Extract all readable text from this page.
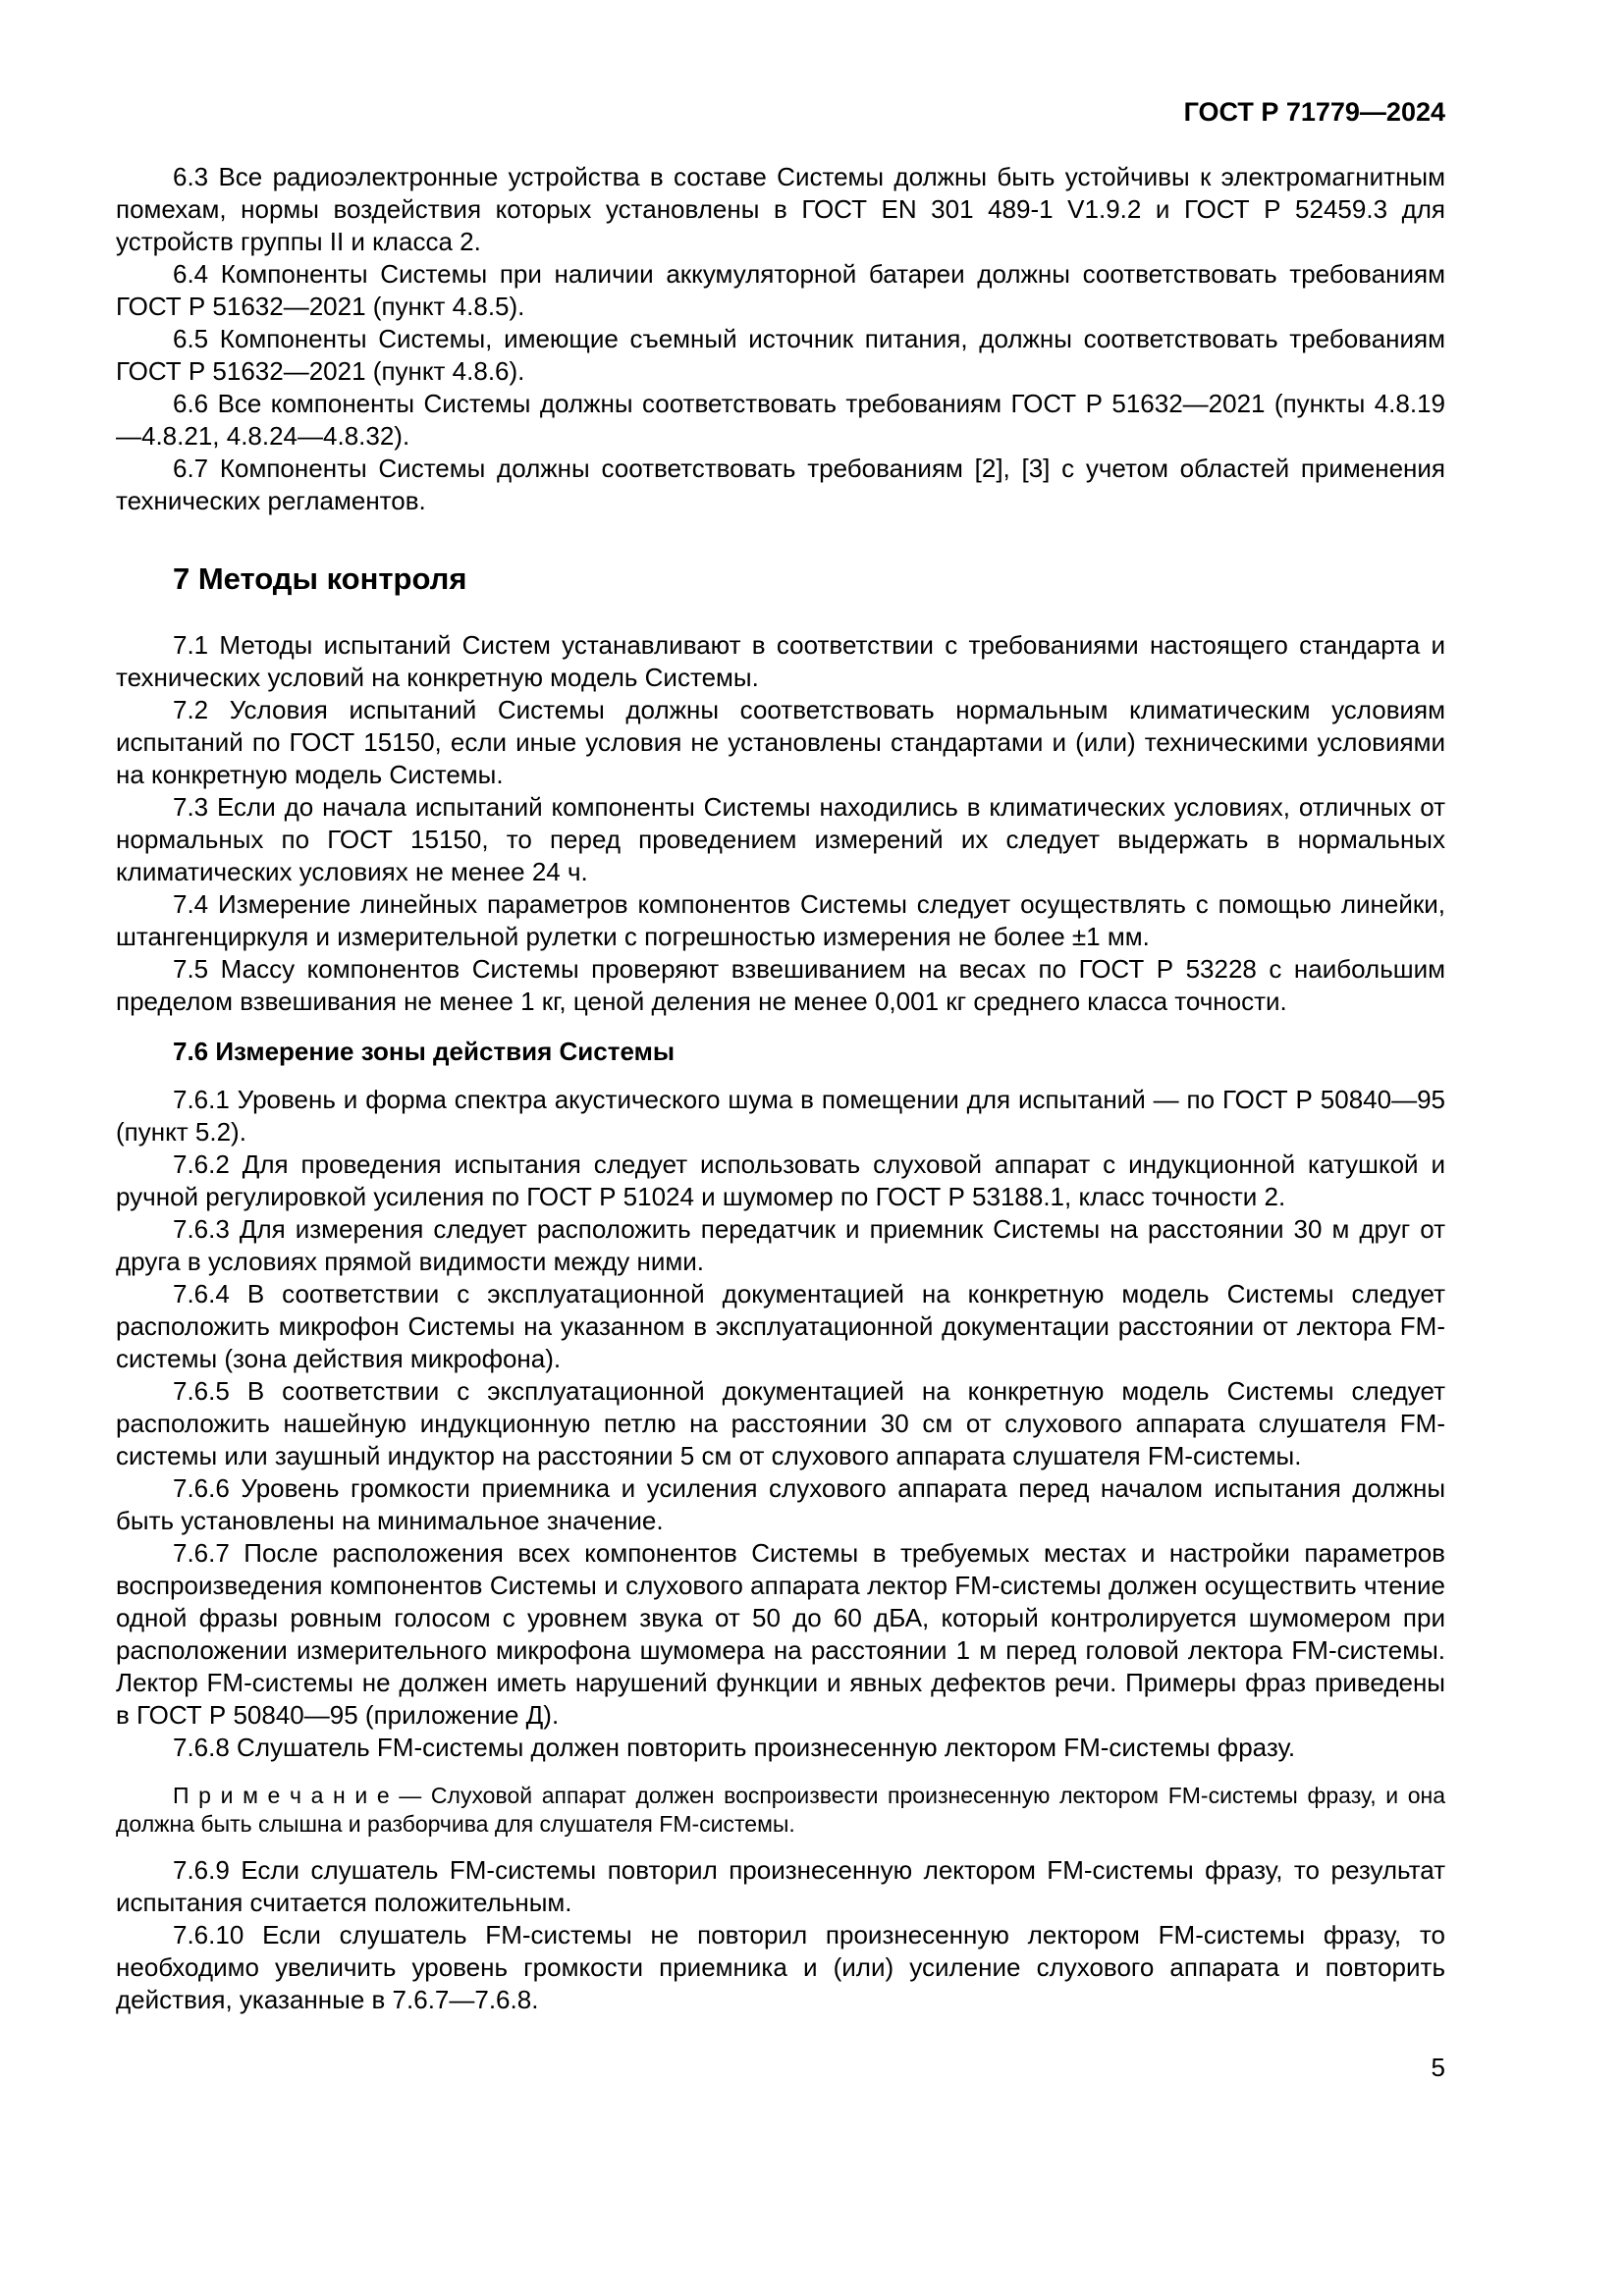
ГОСТ Р 71779—2024

6.3 Все радиоэлектронные устройства в составе Системы должны быть устойчивы к электромагнитным помехам, нормы воздействия которых установлены в ГОСТ EN 301 489-1 V1.9.2 и ГОСТ Р 52459.3 для устройств группы II и класса 2.

6.4 Компоненты Системы при наличии аккумуляторной батареи должны соответствовать требованиям ГОСТ Р 51632—2021 (пункт 4.8.5).

6.5 Компоненты Системы, имеющие съемный источник питания, должны соответствовать требованиям ГОСТ Р 51632—2021 (пункт 4.8.6).

6.6 Все компоненты Системы должны соответствовать требованиям ГОСТ Р 51632—2021 (пункты 4.8.19—4.8.21, 4.8.24—4.8.32).

6.7 Компоненты Системы должны соответствовать требованиям [2], [3] с учетом областей применения технических регламентов.

7 Методы контроля

7.1 Методы испытаний Систем устанавливают в соответствии с требованиями настоящего стандарта и технических условий на конкретную модель Системы.

7.2 Условия испытаний Системы должны соответствовать нормальным климатическим условиям испытаний по ГОСТ 15150, если иные условия не установлены стандартами и (или) техническими условиями на конкретную модель Системы.

7.3 Если до начала испытаний компоненты Системы находились в климатических условиях, отличных от нормальных по ГОСТ 15150, то перед проведением измерений их следует выдержать в нормальных климатических условиях не менее 24 ч.

7.4 Измерение линейных параметров компонентов Системы следует осуществлять с помощью линейки, штангенциркуля и измерительной рулетки с погрешностью измерения не более ±1 мм.

7.5 Массу компонентов Системы проверяют взвешиванием на весах по ГОСТ Р 53228 с наибольшим пределом взвешивания не менее 1 кг, ценой деления не менее 0,001 кг среднего класса точности.

7.6 Измерение зоны действия Системы

7.6.1 Уровень и форма спектра акустического шума в помещении для испытаний — по ГОСТ Р 50840—95 (пункт 5.2).

7.6.2 Для проведения испытания следует использовать слуховой аппарат с индукционной катушкой и ручной регулировкой усиления по ГОСТ Р 51024 и шумомер по ГОСТ Р 53188.1, класс точности 2.

7.6.3 Для измерения следует расположить передатчик и приемник Системы на расстоянии 30 м друг от друга в условиях прямой видимости между ними.

7.6.4 В соответствии с эксплуатационной документацией на конкретную модель Системы следует расположить микрофон Системы на указанном в эксплуатационной документации расстоянии от лектора FM-системы (зона действия микрофона).

7.6.5 В соответствии с эксплуатационной документацией на конкретную модель Системы следует расположить нашейную индукционную петлю на расстоянии 30 см от слухового аппарата слушателя FM-системы или заушный индуктор на расстоянии 5 см от слухового аппарата слушателя FM-системы.

7.6.6 Уровень громкости приемника и усиления слухового аппарата перед началом испытания должны быть установлены на минимальное значение.

7.6.7 После расположения всех компонентов Системы в требуемых местах и настройки параметров воспроизведения компонентов Системы и слухового аппарата лектор FM-системы должен осуществить чтение одной фразы ровным голосом с уровнем звука от 50 до 60 дБА, который контролируется шумомером при расположении измерительного микрофона шумомера на расстоянии 1 м перед головой лектора FM-системы. Лектор FM-системы не должен иметь нарушений функции и явных дефектов речи. Примеры фраз приведены в ГОСТ Р 50840—95 (приложение Д).

7.6.8 Слушатель FM-системы должен повторить произнесенную лектором FM-системы фразу.

П р и м е ч а н и е — Слуховой аппарат должен воспроизвести произнесенную лектором FM-системы фразу, и она должна быть слышна и разборчива для слушателя FM-системы.

7.6.9 Если слушатель FM-системы повторил произнесенную лектором FM-системы фразу, то результат испытания считается положительным.

7.6.10 Если слушатель FM-системы не повторил произнесенную лектором FM-системы фразу, то необходимо увеличить уровень громкости приемника и (или) усиление слухового аппарата и повторить действия, указанные в 7.6.7—7.6.8.

5
